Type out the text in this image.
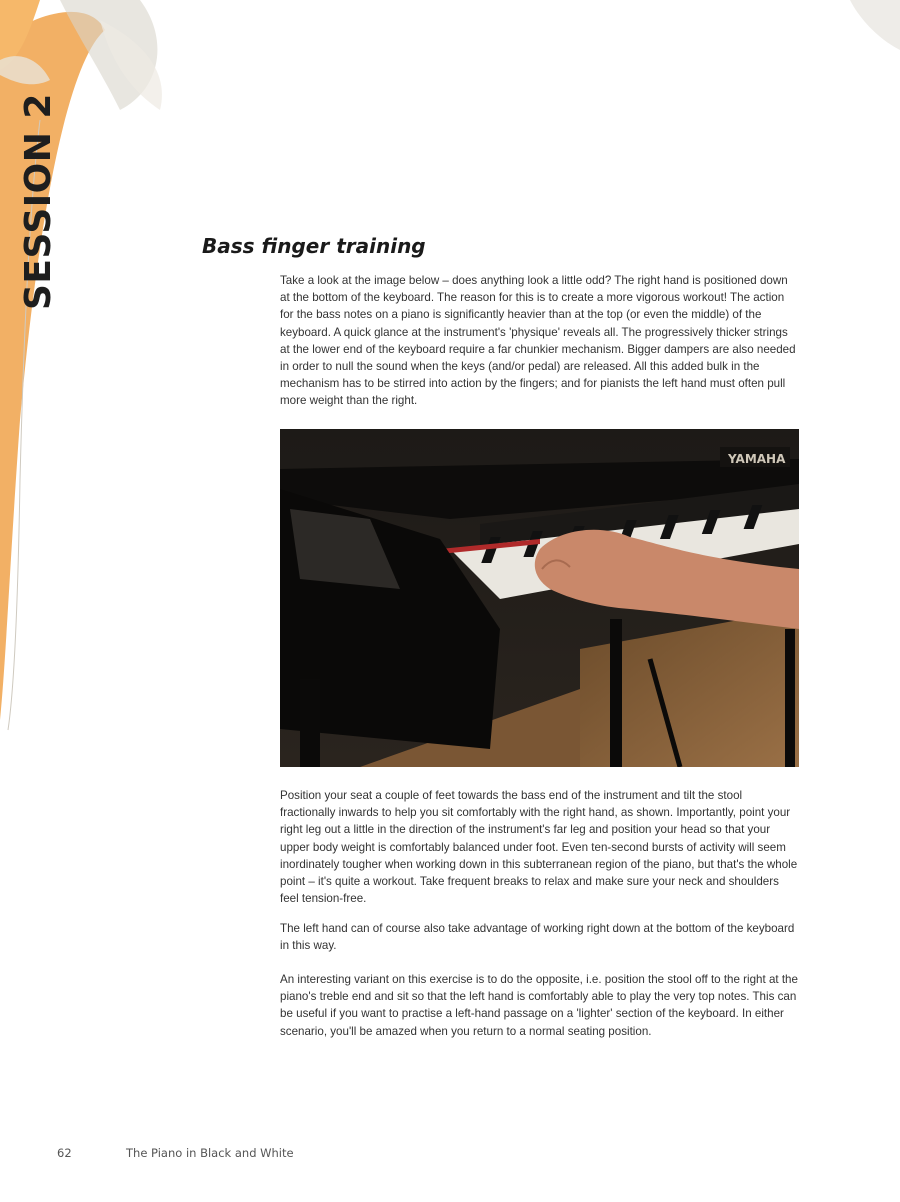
SESSION 2	Bass finger training

Take a look at the image below – does anything look a little odd? The right hand is positioned down at the bottom of the keyboard. The reason for this is to create a more vigorous workout! The action for the bass notes on a piano is significantly heavier than at the top (or even the middle) of the keyboard. A quick glance at the instrument's 'physique' reveals all. The progressively thicker strings at the lower end of the keyboard require a far chunkier mechanism. Bigger dampers are also needed in order to null the sound when the keys (and/or pedal) are released. All this added bulk in the mechanism has to be stirred into action by the fingers; and for pianists the left hand must often pull more weight than the right.

YAMAHA

Position your seat a couple of feet towards the bass end of the instrument and tilt the stool fractionally inwards to help you sit comfortably with the right hand, as shown. Importantly, point your right leg out a little in the direction of the instrument's far leg and position your head so that your upper body weight is comfortably balanced under foot. Even ten-second bursts of activity will seem inordinately tougher when working down in this subterranean region of the piano, but that's the whole point – it's quite a workout. Take frequent breaks to relax and make sure your neck and shoulders feel tension-free.

The left hand can of course also take advantage of working right down at the bottom of the keyboard in this way.

An interesting variant on this exercise is to do the opposite, i.e. position the stool off to the right at the piano's treble end and sit so that the left hand is comfortably able to play the very top notes. This can be useful if you want to practise a left-hand passage on a 'lighter' section of the keyboard. In either scenario, you'll be amazed when you return to a normal seating position.

62	The Piano in Black and White
